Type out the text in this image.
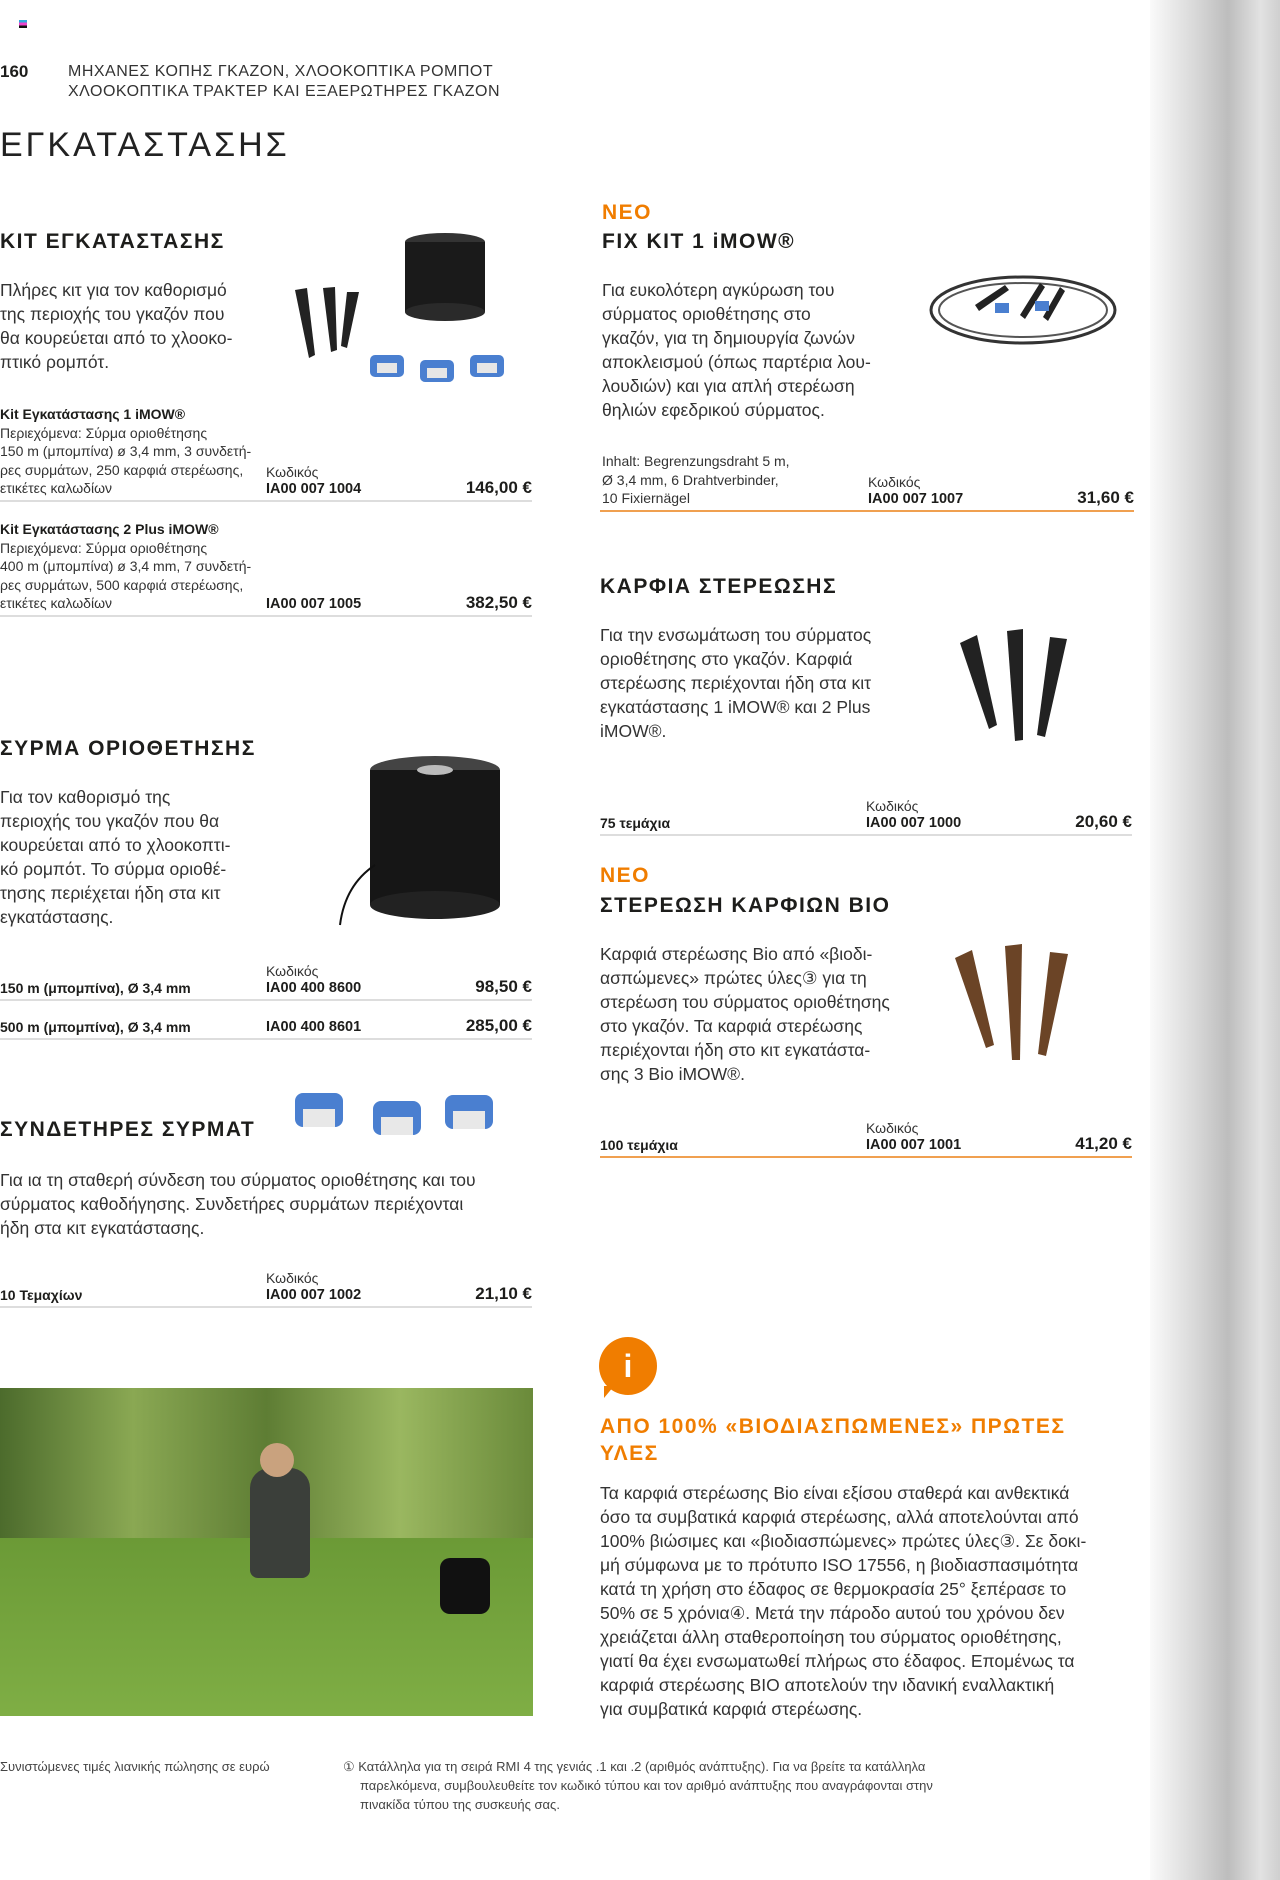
160 ΜΗΧΑΝΕΣ ΚΟΠΗΣ ΓΚΑΖΟΝ, ΧΛΟΟΚΟΠΤΙΚΑ ΡΟΜΠΟΤ
ΧΛΟΟΚΟΠΤΙΚΑ ΤΡΑΚΤΕΡ ΚΑΙ ΕΞΑΕΡΩΤΗΡΕΣ ΓΚΑΖΟΝ
ΕΓΚΑΤΑΣΤΑΣΗΣ
ΚΙΤ ΕΓΚΑΤΑΣΤΑΣΗΣ
Πλήρες κιτ για τον καθορισμό
της περιοχής του γκαζόν που
θα κουρεύεται από το χλοοκο-
πτικό ρομπότ.
Kit Εγκατάστασης 1 iMOW®
Περιεχόμενα: Σύρμα οριοθέτησης
150 m (μπομπίνα) ø 3,4 mm, 3 συνδετή-
ρες συρμάτων, 250 καρφιά στερέωσης,
ετικέτες καλωδίων
Κωδικός
IA00 007 1004	146,00 €
Kit Εγκατάστασης 2 Plus iMOW®
Περιεχόμενα: Σύρμα οριοθέτησης
400 m (μπομπίνα) ø 3,4 mm, 7 συνδετή-
ρες συρμάτων, 500 καρφιά στερέωσης,
ετικέτες καλωδίων	IA00 007 1005	382,50 €
ΣΥΡΜΑ ΟΡΙΟΘΕΤΗΣΗΣ
Για τον καθορισμό της
περιοχής του γκαζόν που θα
κουρεύεται από το χλοοκοπτι-
κό ρομπότ. Το σύρμα οριοθέ-
τησης περιέχεται ήδη στα κιτ
εγκατάστασης.
150 m (μπομπίνα), Ø 3,4 mm
Κωδικός
IA00 400 8600	98,50 €
500 m (μπομπίνα), Ø 3,4 mm	IA00 400 8601	285,00 €
ΣΥΝΔΕΤΗΡΕΣ ΣΥΡΜΑΤ
Για ια τη σταθερή σύνδεση του σύρματος οριοθέτησης και του
σύρματος καθοδήγησης. Συνδετήρες συρμάτων περιέχονται
ήδη στα κιτ εγκατάστασης.
10 Τεμαχίων
Κωδικός
IA00 007 1002	21,10 €
ΝΕΟ
FIX KIT 1 iMOW®
Για ευκολότερη αγκύρωση του
σύρματος οριοθέτησης στο
γκαζόν, για τη δημιουργία ζωνών
αποκλεισμού (όπως παρτέρια λου-
λουδιών) και για απλή στερέωση
θηλιών εφεδρικού σύρματος.
Inhalt: Begrenzungsdraht 5 m,
Ø 3,4 mm, 6 Drahtverbinder,
10 Fixiernägel
Κωδικός
IA00 007 1007	31,60 €
ΚΑΡΦΙΑ ΣΤΕΡΕΩΣΗΣ
Για την ενσωμάτωση του σύρματος
οριοθέτησης στο γκαζόν. Καρφιά
στερέωσης περιέχονται ήδη στα κιτ
εγκατάστασης 1 iMOW® και 2 Plus
iMOW®.
75 τεμάχια
Κωδικός
IA00 007 1000	20,60 €
ΝΕΟ
ΣΤΕΡΕΩΣΗ ΚΑΡΦΙΩΝ BIO
Καρφιά στερέωσης Bio από «βιοδι-
ασπώμενες» πρώτες ύλες③ για τη
στερέωση του σύρματος οριοθέτησης
στο γκαζόν. Τα καρφιά στερέωσης
περιέχονται ήδη στο κιτ εγκατάστα-
σης 3 Bio iMOW®.
100 τεμάχια
Κωδικός
IA00 007 1001	41,20 €
i
ΑΠΟ 100% «ΒΙΟΔΙΑΣΠΩΜΕΝΕΣ» ΠΡΩΤΕΣ
ΥΛΕΣ
Τα καρφιά στερέωσης Bio είναι εξίσου σταθερά και ανθεκτικά
όσο τα συμβατικά καρφιά στερέωσης, αλλά αποτελούνται από
100% βιώσιμες και «βιοδιασπώμενες» πρώτες ύλες③. Σε δοκι-
μή σύμφωνα με το πρότυπο ISO 17556, η βιοδιασπασιμότητα
κατά τη χρήση στο έδαφος σε θερμοκρασία 25° ξεπέρασε το
50% σε 5 χρόνια④. Μετά την πάροδο αυτού του χρόνου δεν
χρειάζεται άλλη σταθεροποίηση του σύρματος οριοθέτησης,
γιατί θα έχει ενσωματωθεί πλήρως στο έδαφος. Επομένως τα
καρφιά στερέωσης BIO αποτελούν την ιδανική εναλλακτική
για συμβατικά καρφιά στερέωσης.
Συνιστώμενες τιμές λιανικής πώλησης σε ευρώ	① Κατάλληλα για τη σειρά RMI 4 της γενιάς .1 και .2 (αριθμός ανάπτυξης). Για να βρείτε τα κατάλληλα
παρελκόμενα, συμβουλευθείτε τον κωδικό τύπου και τον αριθμό ανάπτυξης που αναγράφονται στην
πινακίδα τύπου της συσκευής σας.
